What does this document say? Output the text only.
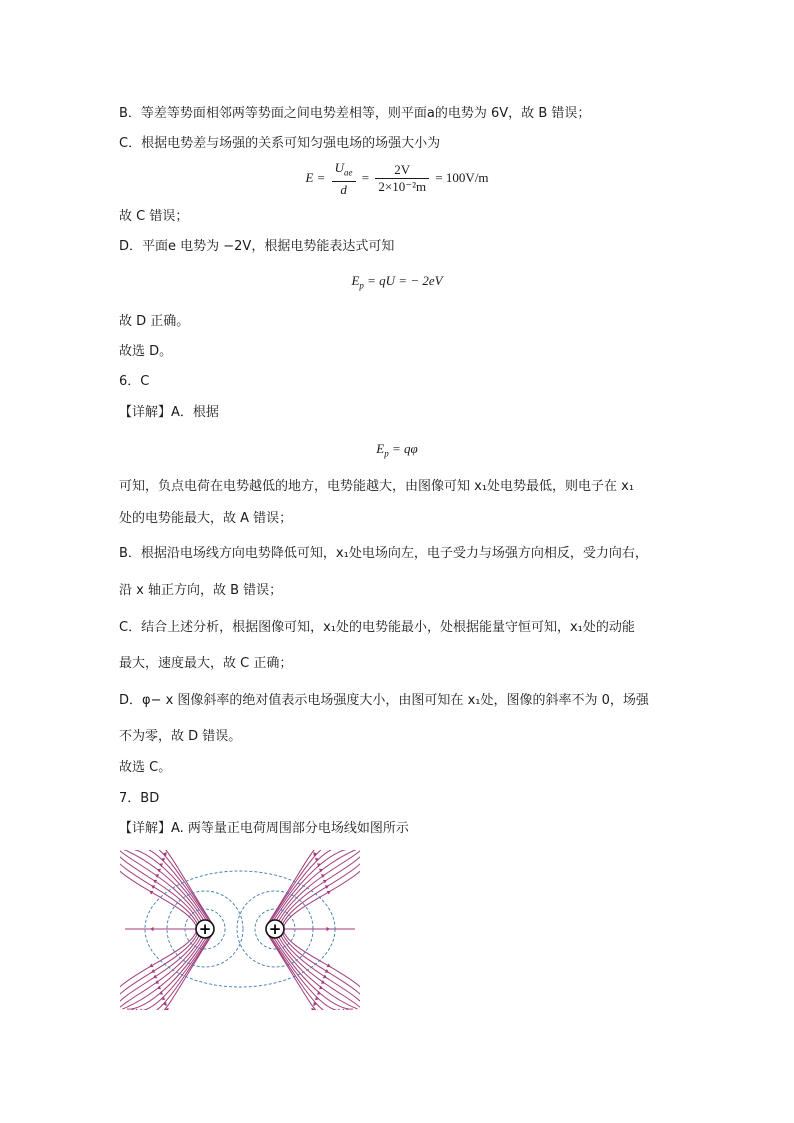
B．等差等势面相邻两等势面之间电势差相等，则平面a的电势为 6V，故 B 错误；
C．根据电势差与场强的关系可知匀强电场的场强大小为
$E = \frac{U_{ae}}{d} = \frac{2V}{\text{2×10⁻²m}} = 100V/m$
故 C 错误；
D．平面e 电势为 −2V，根据电势能表达式可知
$E_p$ = qU = − 2eV
故 D 正确。
故选 D。
6．C
【详解】A．根据
$E_p = q\varphi$
可知，负点电荷在电势越低的地方，电势能越大，由图像可知 x₁处电势最低，则电子在 x₁
处的电势能最大，故 A 错误；
B．根据沿电场线方向电势降低可知，x₁处电场向左，电子受力与场强方向相反，受力向右，
沿 x 轴正方向，故 B 错误；
C．结合上述分析，根据图像可知，x₁处的电势能最小，处根据能量守恒可知，x₁处的动能
最大，速度最大，故 C 正确；
D．φ− x 图像斜率的绝对值表示电场强度大小，由图可知在 x₁处，图像的斜率不为 0，场强
不为零，故 D 错误。
故选 C。
7．BD
【详解】A. 两等量正电荷周围部分电场线如图所示
+	+
